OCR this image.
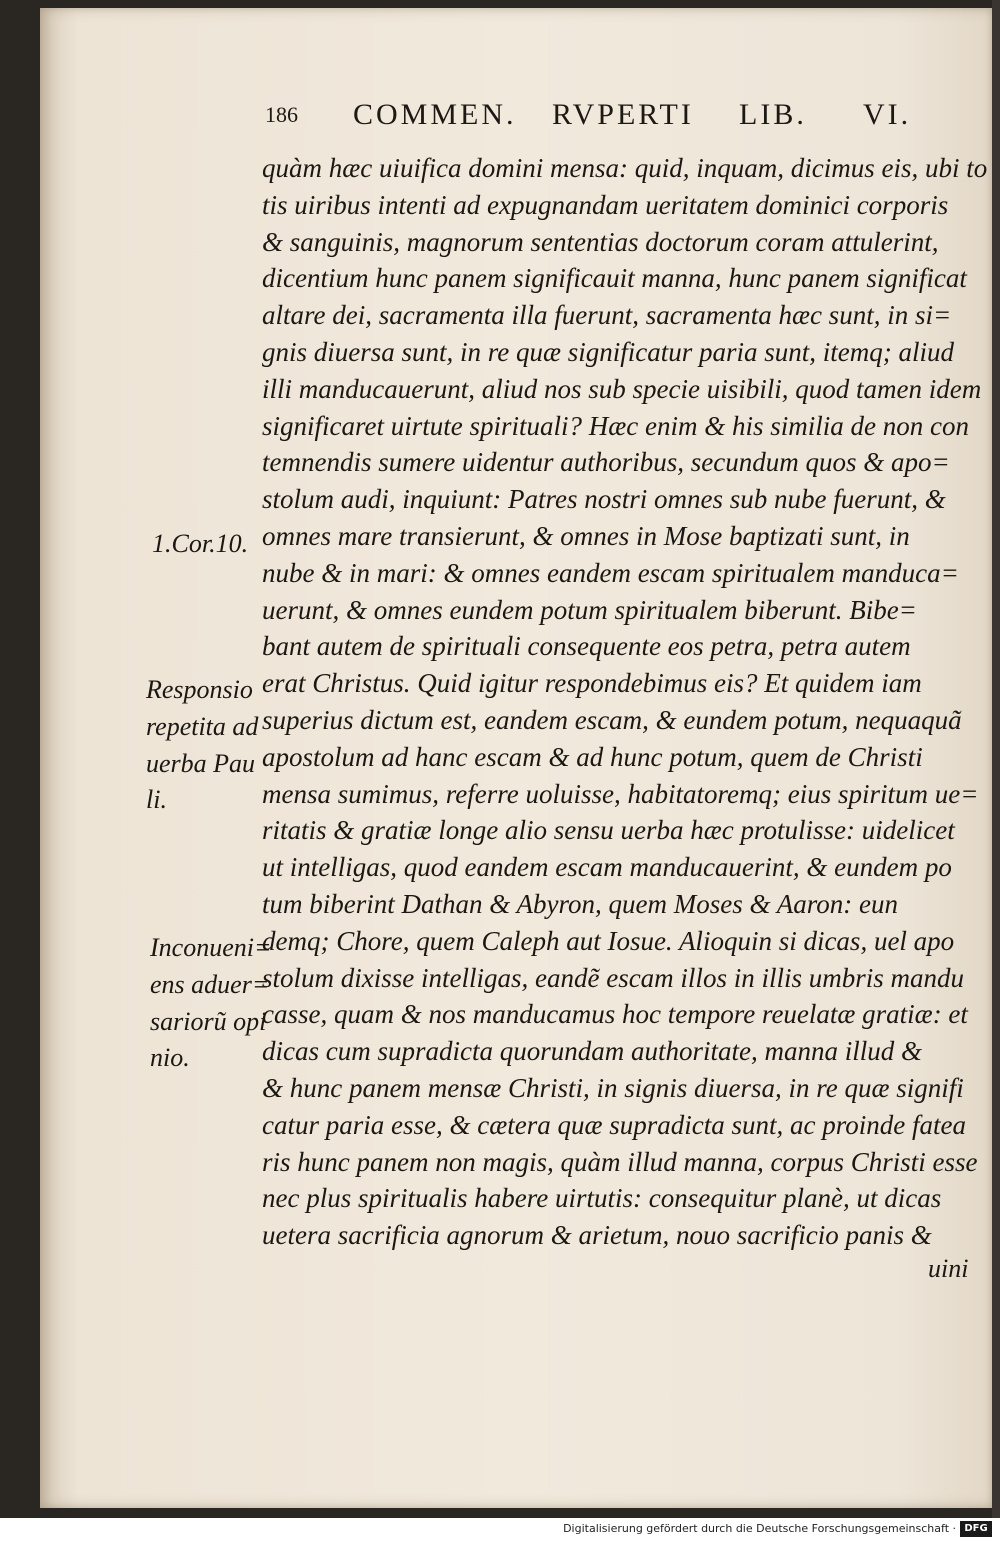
186 COMMEN. RVPERTI LIB. VI.
quàm hæc uiuifica domini mensa: quid, inquam, dicimus eis, ubi to
tis uiribus intenti ad expugnandam ueritatem dominici corporis
& sanguinis, magnorum sententias doctorum coram attulerint,
dicentium hunc panem significauit manna, hunc panem significat
altare dei, sacramenta illa fuerunt, sacramenta hæc sunt, in si=
gnis diuersa sunt, in re quæ significatur paria sunt, itemq; aliud
illi manducauerunt, aliud nos sub specie uisibili, quod tamen idem
significaret uirtute spirituali? Hæc enim & his similia de non con
temnendis sumere uidentur authoribus, secundum quos & apo=
stolum audi, inquiunt: Patres nostri omnes sub nube fuerunt, &
omnes mare transierunt, & omnes in Mose baptizati sunt, in
nube & in mari: & omnes eandem escam spiritualem manduca=
uerunt, & omnes eundem potum spiritualem biberunt. Bibe=
bant autem de spirituali consequente eos petra, petra autem
erat Christus. Quid igitur respondebimus eis? Et quidem iam
superius dictum est, eandem escam, & eundem potum, nequaquã
apostolum ad hanc escam & ad hunc potum, quem de Christi
mensa sumimus, referre uoluisse, habitatoremq; eius spiritum ue=
ritatis & gratiæ longe alio sensu uerba hæc protulisse: uidelicet
ut intelligas, quod eandem escam manducauerint, & eundem po
tum biberint Dathan & Abyron, quem Moses & Aaron: eun
demq; Chore, quem Caleph aut Iosue. Alioquin si dicas, uel apo
stolum dixisse intelligas, eandẽ escam illos in illis umbris mandu
casse, quam & nos manducamus hoc tempore reuelatæ gratiæ: et
dicas cum supradicta quorundam authoritate, manna illud &
& hunc panem mensæ Christi, in signis diuersa, in re quæ signifi
catur paria esse, & cætera quæ supradicta sunt, ac proinde fatea
ris hunc panem non magis, quàm illud manna, corpus Christi esse
nec plus spiritualis habere uirtutis: consequitur planè, ut dicas
uetera sacrificia agnorum & arietum, nouo sacrificio panis &
1.Cor.10.
Responsio
repetita ad
uerba Pau
li.
Inconueni=
ens aduer=
sariorũ opi
nio.
uini
Digitalisierung gefördert durch die Deutsche Forschungsgemeinschaft · DFG
